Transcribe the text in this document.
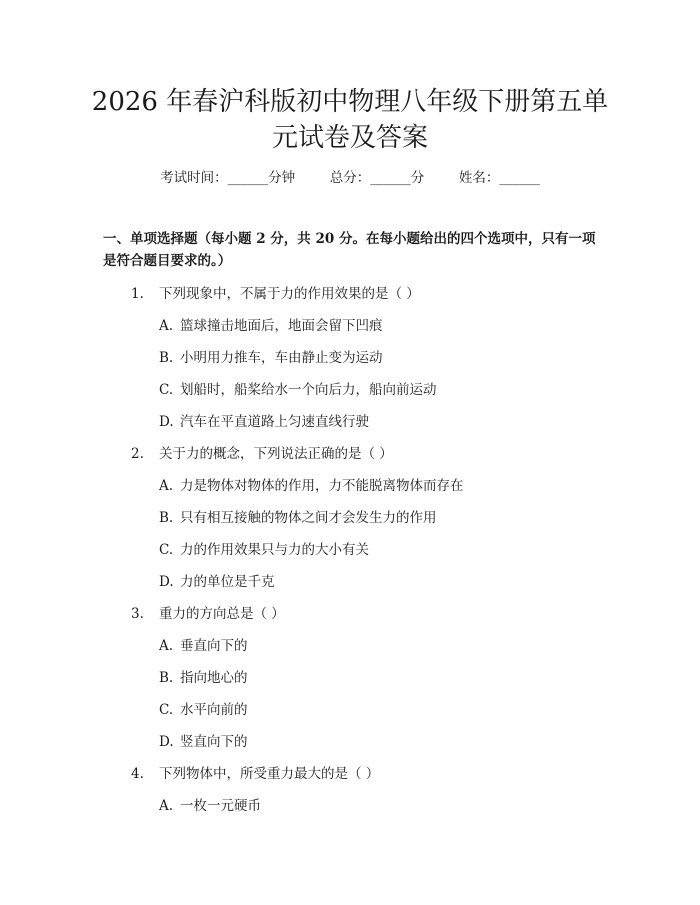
2026 年春沪科版初中物理八年级下册第五单
元试卷及答案
考试时间：______分钟	总分：______分	姓名：______
一、单项选择题（每小题 2 分，共 20 分。在每小题给出的四个选项中，只有一项是符合题目要求的。）
1. 下列现象中，不属于力的作用效果的是（ ）
A. 篮球撞击地面后，地面会留下凹痕
B. 小明用力推车，车由静止变为运动
C. 划船时，船桨给水一个向后力，船向前运动
D. 汽车在平直道路上匀速直线行驶
2. 关于力的概念，下列说法正确的是（ ）
A. 力是物体对物体的作用，力不能脱离物体而存在
B. 只有相互接触的物体之间才会发生力的作用
C. 力的作用效果只与力的大小有关
D. 力的单位是千克
3. 重力的方向总是（ ）
A. 垂直向下的
B. 指向地心的
C. 水平向前的
D. 竖直向下的
4. 下列物体中，所受重力最大的是（ ）
A. 一枚一元硬币
